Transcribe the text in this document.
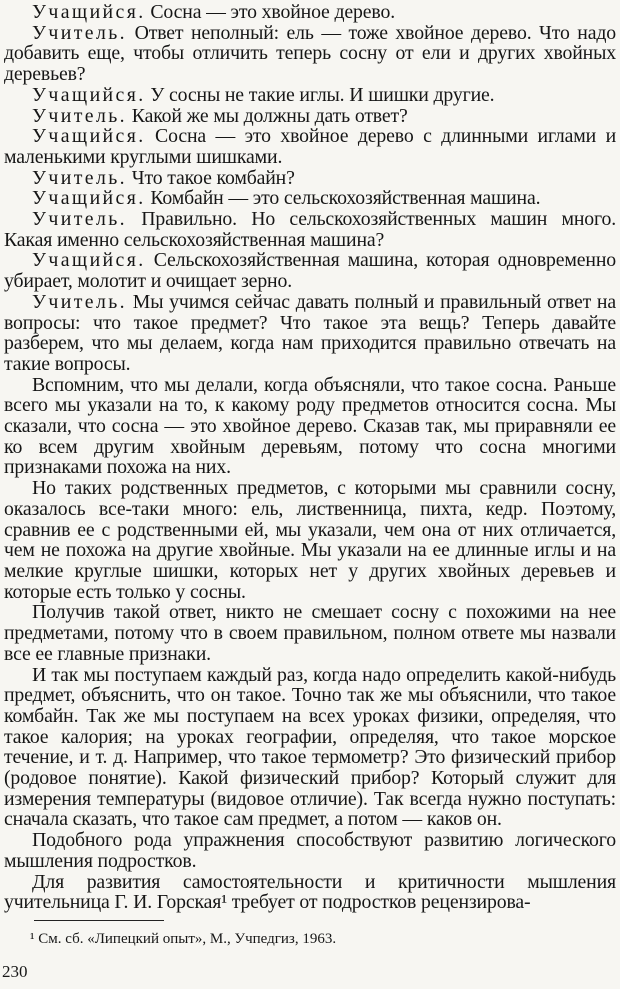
Учащийся. Сосна — это хвойное дерево.

Учитель. Ответ неполный: ель — тоже хвойное дерево. Что надо добавить еще, чтобы отличить теперь сосну от ели и других хвойных деревьев?

Учащийся. У сосны не такие иглы. И шишки другие.

Учитель. Какой же мы должны дать ответ?

Учащийся. Сосна — это хвойное дерево с длинными иглами и маленькими круглыми шишками.

Учитель. Что такое комбайн?

Учащийся. Комбайн — это сельскохозяйственная машина.

Учитель. Правильно. Но сельскохозяйственных машин много. Какая именно сельскохозяйственная машина?

Учащийся. Сельскохозяйственная машина, которая одновременно убирает, молотит и очищает зерно.

Учитель. Мы учимся сейчас давать полный и правильный ответ на вопросы: что такое предмет? Что такое эта вещь? Теперь давайте разберем, что мы делаем, когда нам приходится правильно отвечать на такие вопросы.

Вспомним, что мы делали, когда объясняли, что такое сосна. Раньше всего мы указали на то, к какому роду предметов относится сосна. Мы сказали, что сосна — это хвойное дерево. Сказав так, мы приравняли ее ко всем другим хвойным деревьям, потому что сосна многими признаками похожа на них.

Но таких родственных предметов, с которыми мы сравнили сосну, оказалось все-таки много: ель, лиственница, пихта, кедр. Поэтому, сравнив ее с родственными ей, мы указали, чем она от них отличается, чем не похожа на другие хвойные. Мы указали на ее длинные иглы и на мелкие круглые шишки, которых нет у других хвойных деревьев и которые есть только у сосны.

Получив такой ответ, никто не смешает сосну с похожими на нее предметами, потому что в своем правильном, полном ответе мы назвали все ее главные признаки.

И так мы поступаем каждый раз, когда надо определить какой-нибудь предмет, объяснить, что он такое. Точно так же мы объяснили, что такое комбайн. Так же мы поступаем на всех уроках физики, определяя, что такое калория; на уроках географии, определяя, что такое морское течение, и т. д. Например, что такое термометр? Это физический прибор (родовое понятие). Какой физический прибор? Который служит для измерения температуры (видовое отличие). Так всегда нужно поступать: сначала сказать, что такое сам предмет, а потом — каков он.

Подобного рода упражнения способствуют развитию логического мышления подростков.

Для развития самостоятельности и критичности мышления учительница Г. И. Горская¹ требует от подростков рецензирова-

¹ См. сб. «Липецкий опыт», М., Учпедгиз, 1963.
230
